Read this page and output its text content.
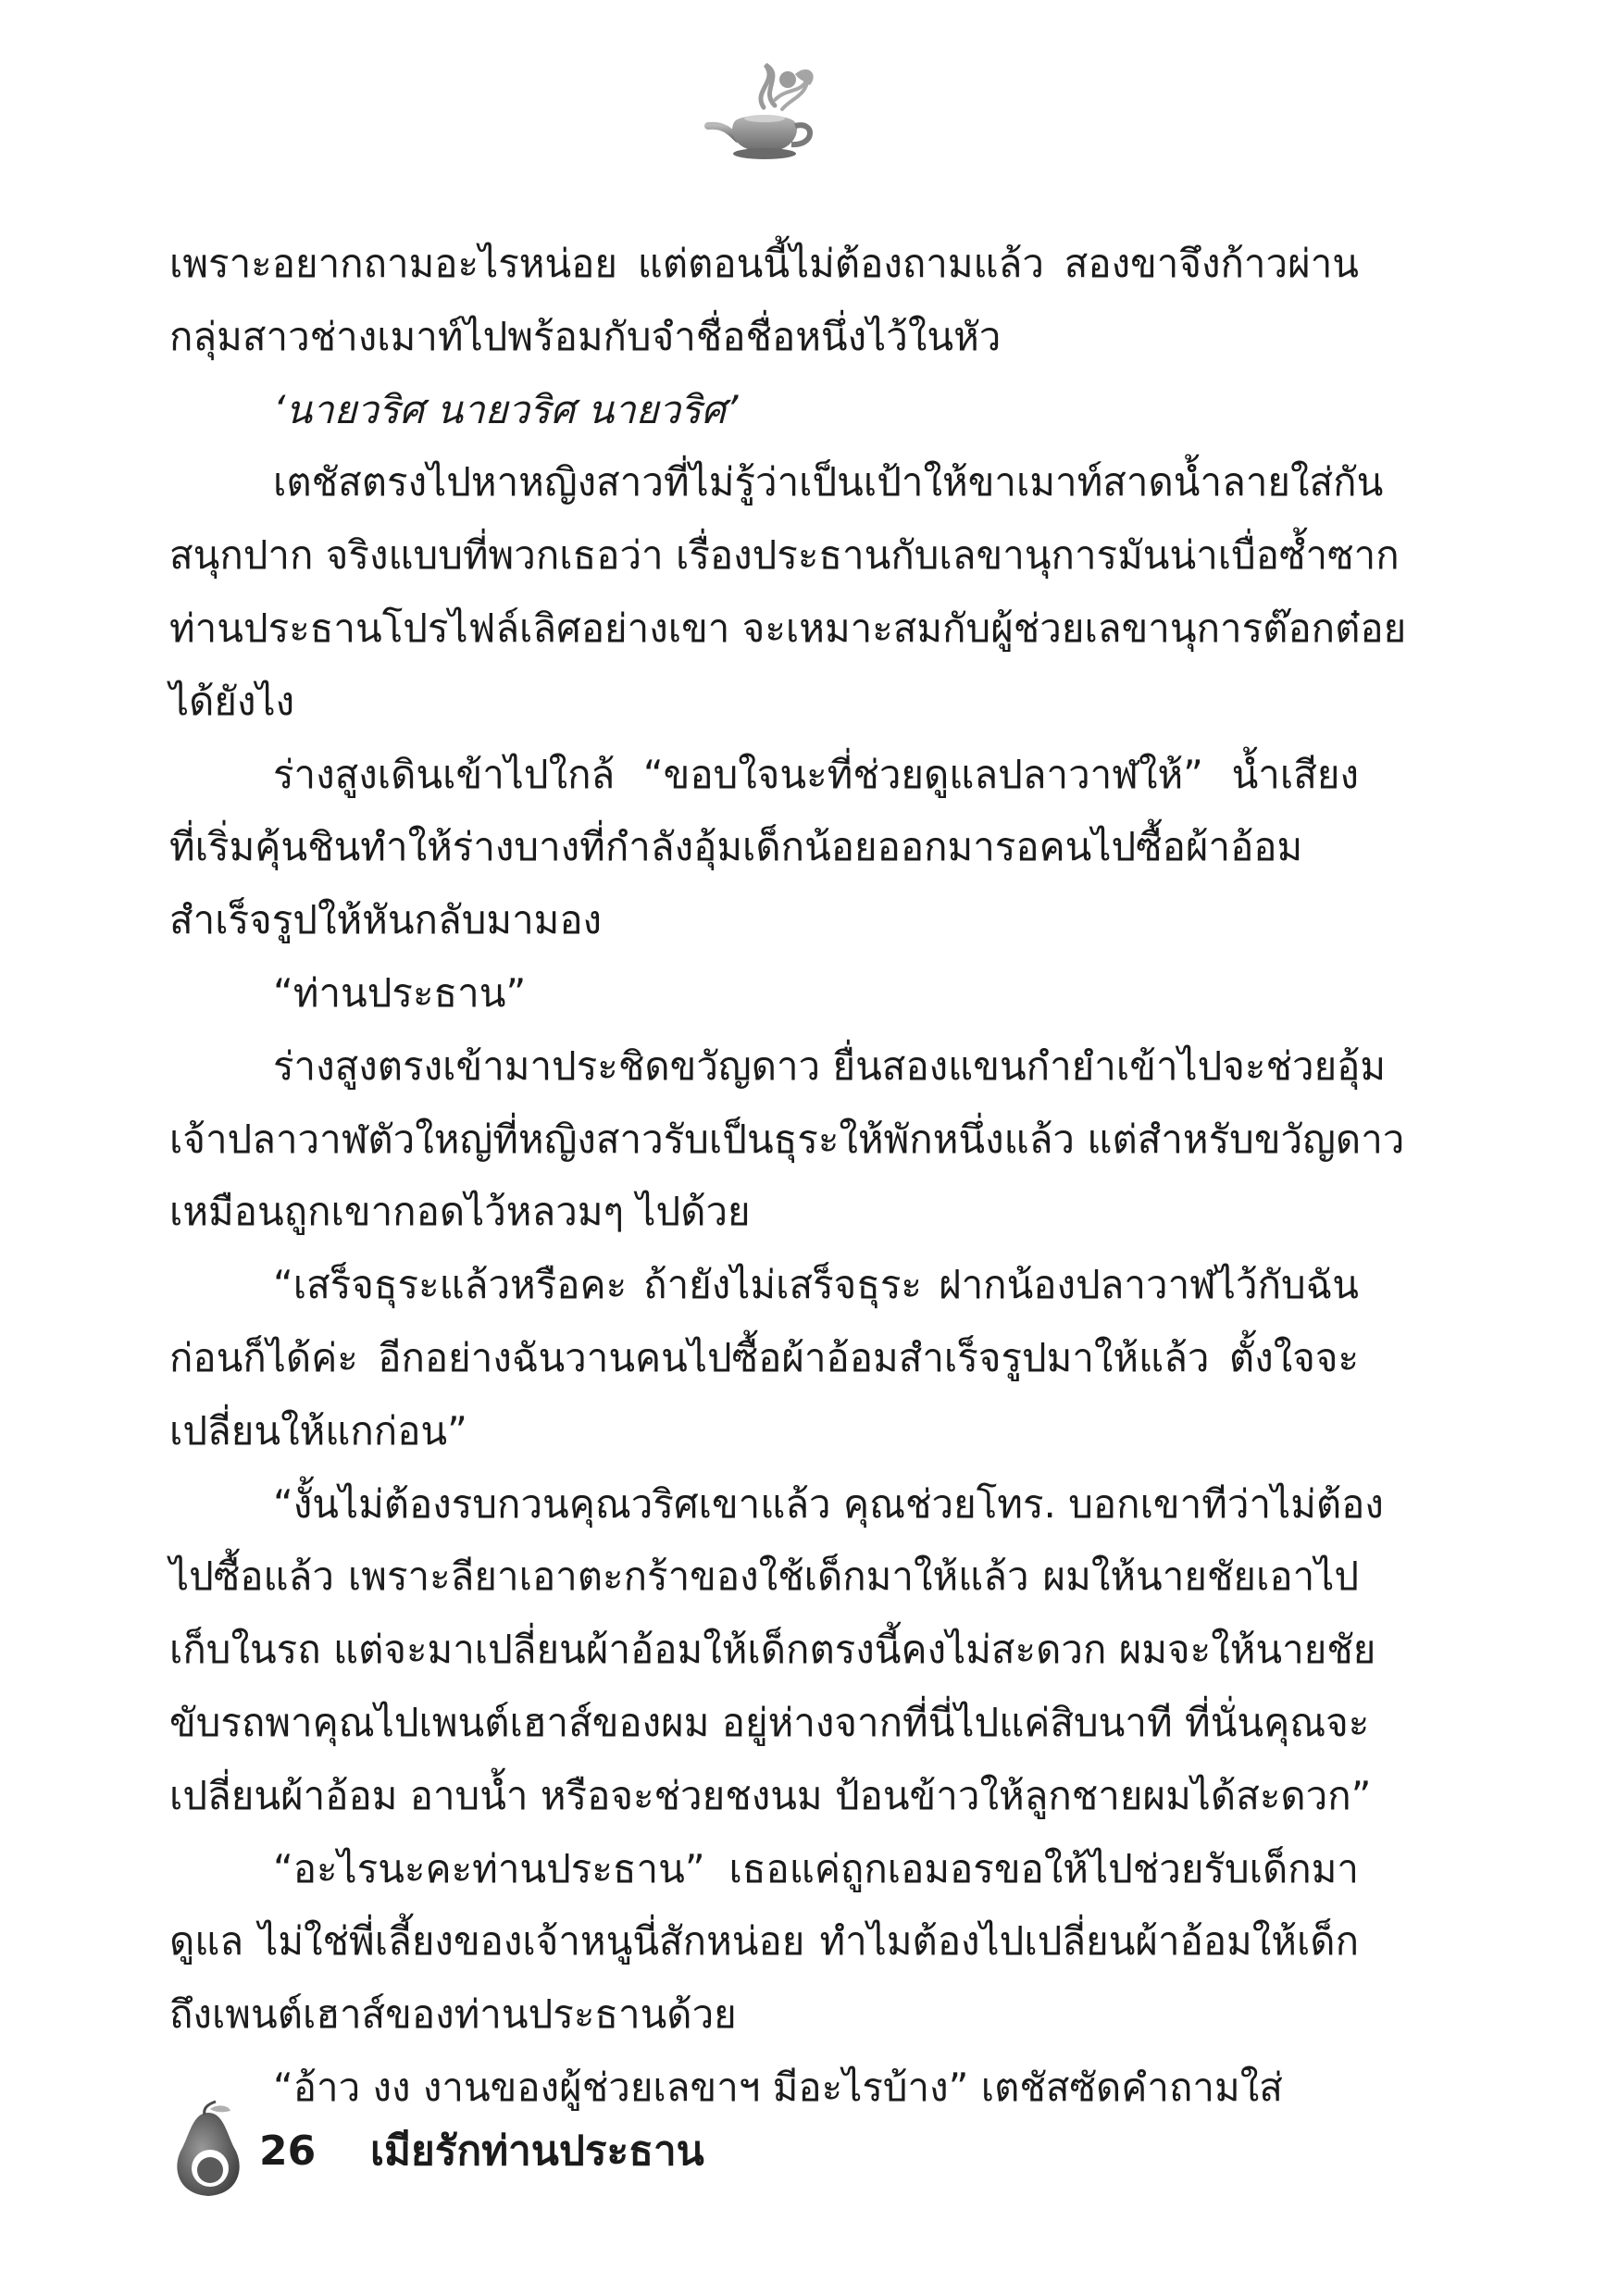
เพราะอยากถามอะไรหน่อย แต่ตอนนี้ไม่ต้องถามแล้ว สองขาจึงก้าวผ่าน
กลุ่มสาวช่างเมาท์ไปพร้อมกับจำชื่อชื่อหนึ่งไว้ในหัว
‘นายวริศ นายวริศ นายวริศ’
เตชัสตรงไปหาหญิงสาวที่ไม่รู้ว่าเป็นเป้าให้ขาเมาท์สาดน้ำลายใส่กัน
สนุกปาก จริงแบบที่พวกเธอว่า เรื่องประธานกับเลขานุการมันน่าเบื่อซ้ำซาก
ท่านประธานโปรไฟล์เลิศอย่างเขา จะเหมาะสมกับผู้ช่วยเลขานุการต๊อกต๋อย
ได้ยังไง
ร่างสูงเดินเข้าไปใกล้ “ขอบใจนะที่ช่วยดูแลปลาวาฬให้” น้ำเสียง
ที่เริ่มคุ้นชินทำให้ร่างบางที่กำลังอุ้มเด็กน้อยออกมารอคนไปซื้อผ้าอ้อม
สำเร็จรูปให้หันกลับมามอง
“ท่านประธาน”
ร่างสูงตรงเข้ามาประชิดขวัญดาว ยื่นสองแขนกำยำเข้าไปจะช่วยอุ้ม
เจ้าปลาวาฬตัวใหญ่ที่หญิงสาวรับเป็นธุระให้พักหนึ่งแล้ว แต่สำหรับขวัญดาว
เหมือนถูกเขากอดไว้หลวมๆ ไปด้วย
“เสร็จธุระแล้วหรือคะ ถ้ายังไม่เสร็จธุระ ฝากน้องปลาวาฬไว้กับฉัน
ก่อนก็ได้ค่ะ อีกอย่างฉันวานคนไปซื้อผ้าอ้อมสำเร็จรูปมาให้แล้ว ตั้งใจจะ
เปลี่ยนให้แกก่อน”
“งั้นไม่ต้องรบกวนคุณวริศเขาแล้ว คุณช่วยโทร. บอกเขาทีว่าไม่ต้อง
ไปซื้อแล้ว เพราะลียาเอาตะกร้าของใช้เด็กมาให้แล้ว ผมให้นายชัยเอาไป
เก็บในรถ แต่จะมาเปลี่ยนผ้าอ้อมให้เด็กตรงนี้คงไม่สะดวก ผมจะให้นายชัย
ขับรถพาคุณไปเพนต์เฮาส์ของผม อยู่ห่างจากที่นี่ไปแค่สิบนาที ที่นั่นคุณจะ
เปลี่ยนผ้าอ้อม อาบน้ำ หรือจะช่วยชงนม ป้อนข้าวให้ลูกชายผมได้สะดวก”
“อะไรนะคะท่านประธาน” เธอแค่ถูกเอมอรขอให้ไปช่วยรับเด็กมา
ดูแล ไม่ใช่พี่เลี้ยงของเจ้าหนูนี่สักหน่อย ทำไมต้องไปเปลี่ยนผ้าอ้อมให้เด็ก
ถึงเพนต์เฮาส์ของท่านประธานด้วย
“อ้าว งง งานของผู้ช่วยเลขาฯ มีอะไรบ้าง” เตชัสซัดคำถามใส่
26 เมียรักท่านประธาน
